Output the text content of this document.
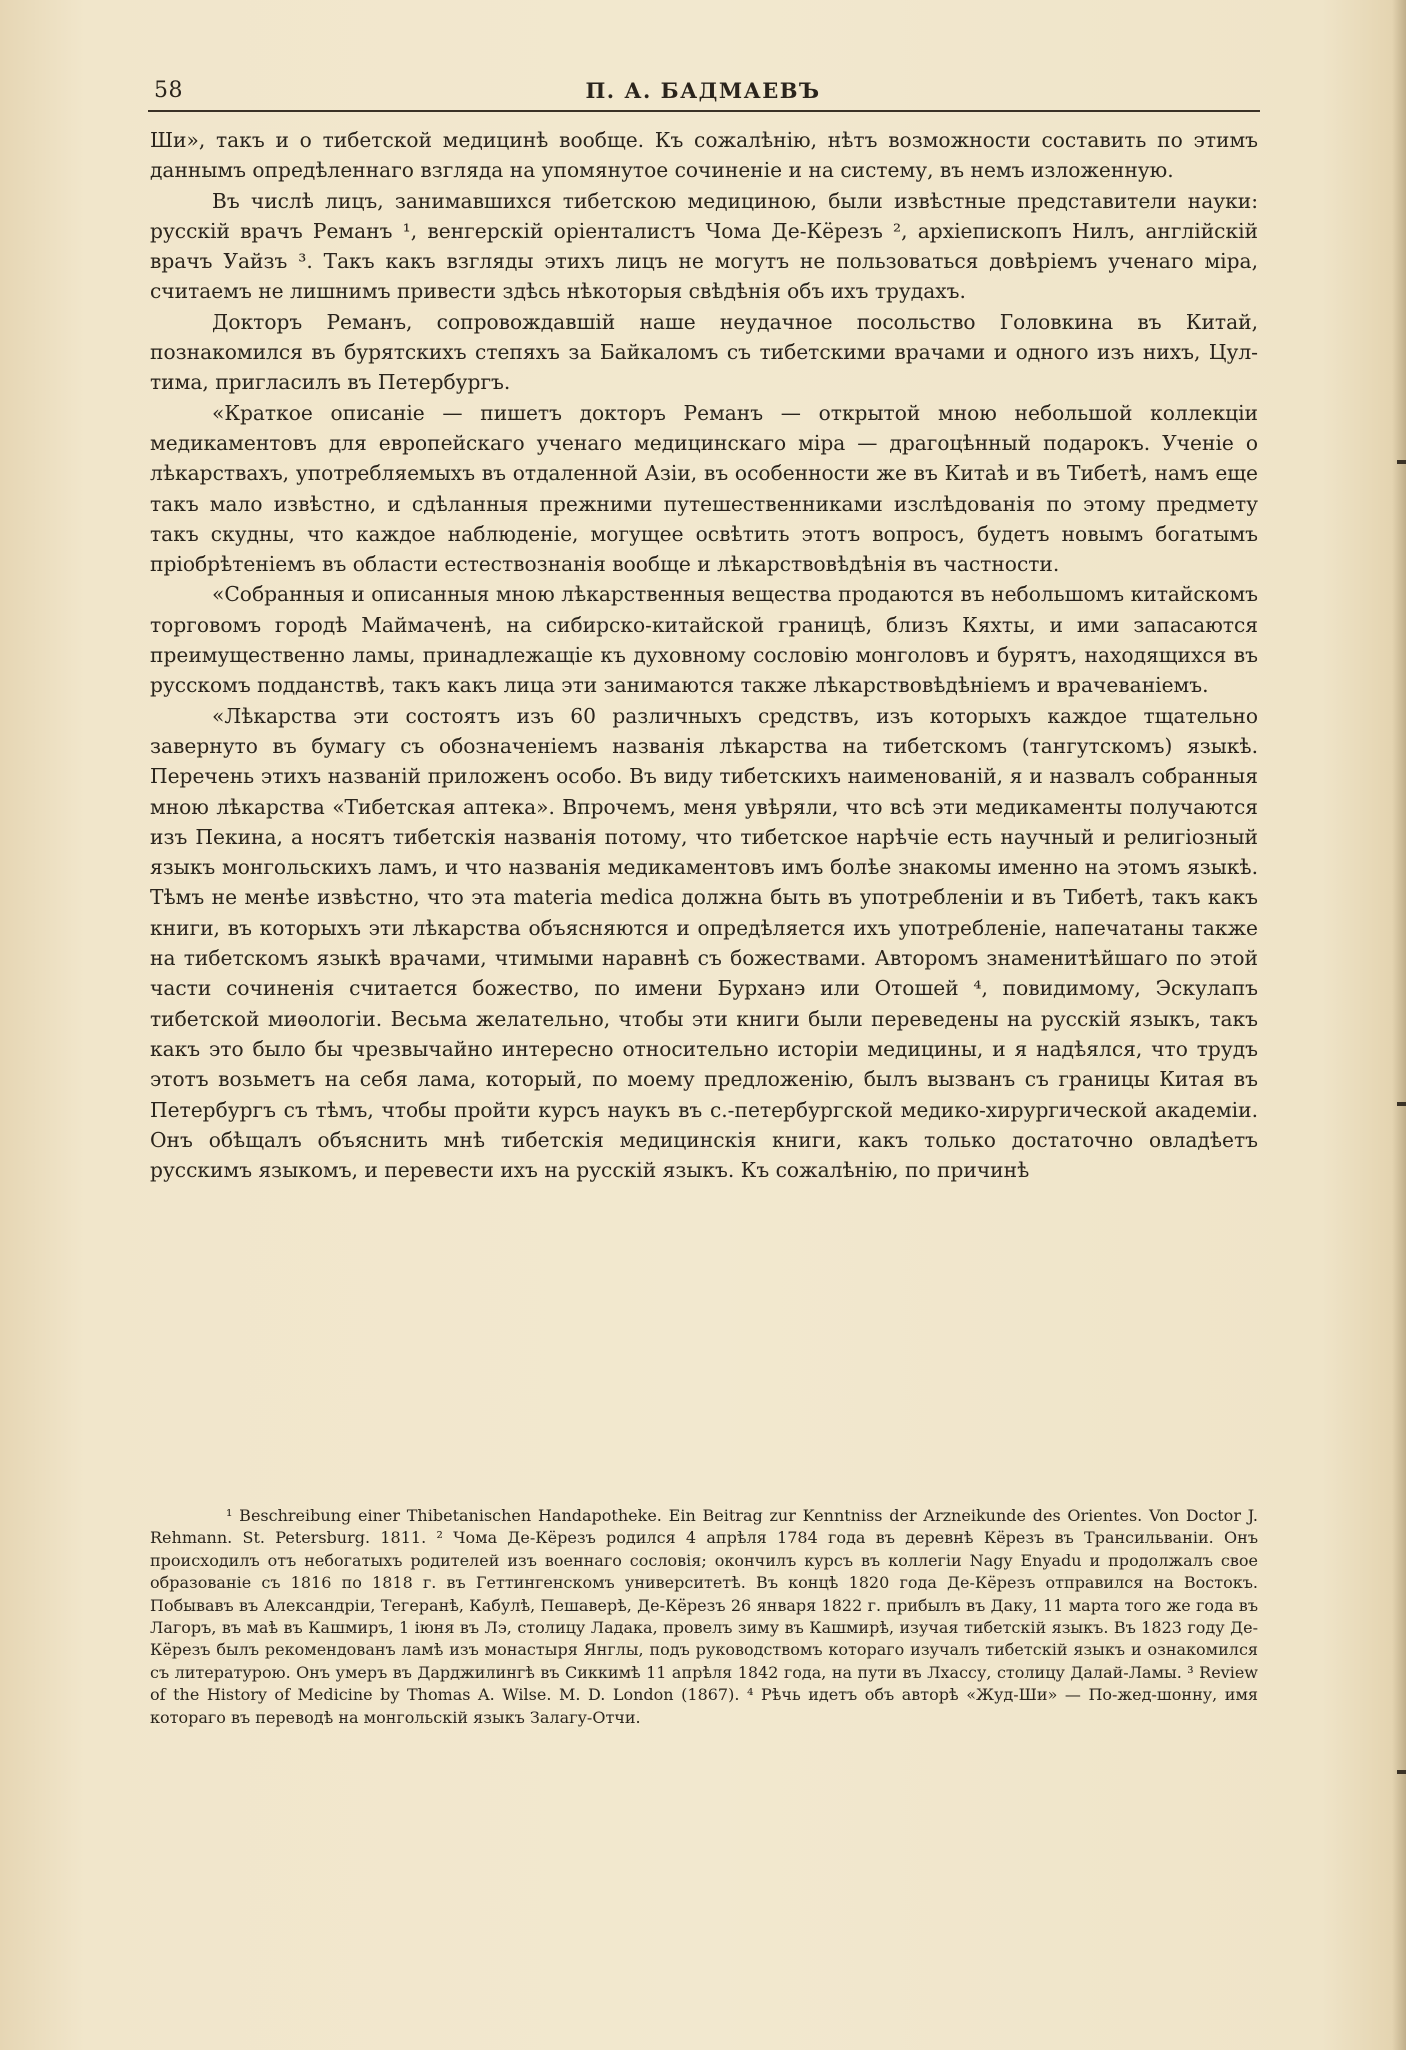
58	П. А. БАДМАЕВЪ

Ши», такъ и о тибетской медицинѣ вообще. Къ сожалѣнію, нѣтъ возможности составить по этимъ даннымъ опредѣленнаго взгляда на упомянутое сочиненіе и на систему, въ немъ изложенную.

Въ числѣ лицъ, занимавшихся тибетскою медициною, были извѣстные представители науки: русскій врачъ Реманъ ¹, венгерскій оріенталистъ Чома Де-Кёрезъ ², архіепископъ Нилъ, англійскій врачъ Уайзъ ³. Такъ какъ взгляды этихъ лицъ не могутъ не пользоваться довѣріемъ ученаго міра, считаемъ не лишнимъ привести здѣсь нѣкоторыя свѣдѣнія объ ихъ трудахъ.

Докторъ Реманъ, сопровождавшій наше неудачное посольство Головкина въ Китай, познакомился въ бурятскихъ степяхъ за Байкаломъ съ тибетскими врачами и одного изъ нихъ, Цул-тима, пригласилъ въ Петербургъ.

«Краткое описаніе — пишетъ докторъ Реманъ — открытой мною небольшой коллекціи медикаментовъ для европейскаго ученаго медицинскаго міра — драгоцѣнный подарокъ. Ученіе о лѣкарствахъ, употребляемыхъ въ отдаленной Азіи, въ особенности же въ Китаѣ и въ Тибетѣ, намъ еще такъ мало извѣстно, и сдѣланныя прежними путешественниками изслѣдованія по этому предмету такъ скудны, что каждое наблюденіе, могущее освѣтить этотъ вопросъ, будетъ новымъ богатымъ пріобрѣтеніемъ въ области естествознанія вообще и лѣкарствовѣдѣнія въ частности.

«Собранныя и описанныя мною лѣкарственныя вещества продаются въ небольшомъ китайскомъ торговомъ городѣ Маймаченѣ, на сибирско-китайской границѣ, близъ Кяхты, и ими запасаются преимущественно ламы, принадлежащіе къ духовному сословію монголовъ и бурятъ, находящихся въ русскомъ подданствѣ, такъ какъ лица эти занимаются также лѣкарствовѣдѣніемъ и врачеваніемъ.

«Лѣкарства эти состоятъ изъ 60 различныхъ средствъ, изъ которыхъ каждое тщательно завернуто въ бумагу съ обозначеніемъ названія лѣкарства на тибетскомъ (тангутскомъ) языкѣ. Перечень этихъ названій приложенъ особо. Въ виду тибетскихъ наименованій, я и назвалъ собранныя мною лѣкарства «Тибетская аптека». Впрочемъ, меня увѣряли, что всѣ эти медикаменты получаются изъ Пекина, а носятъ тибетскія названія потому, что тибетское нарѣчіе есть научный и религіозный языкъ монгольскихъ ламъ, и что названія медикаментовъ имъ болѣе знакомы именно на этомъ языкѣ. Тѣмъ не менѣе извѣстно, что эта materia medica должна быть въ употребленіи и въ Тибетѣ, такъ какъ книги, въ которыхъ эти лѣкарства объясняются и опредѣляется ихъ употребленіе, напечатаны также на тибетскомъ языкѣ врачами, чтимыми наравнѣ съ божествами. Авторомъ знаменитѣйшаго по этой части сочиненія считается божество, по имени Бурханэ или Отошей ⁴, повидимому, Эскулапъ тибетской миѳологіи. Весьма желательно, чтобы эти книги были переведены на русскій языкъ, такъ какъ это было бы чрезвычайно интересно относительно исторіи медицины, и я надѣялся, что трудъ этотъ возьметъ на себя лама, который, по моему предложенію, былъ вызванъ съ границы Китая въ Петербургъ съ тѣмъ, чтобы пройти курсъ наукъ въ с.-петербургской медико-хирургической академіи. Онъ обѣщалъ объяснить мнѣ тибетскія медицинскія книги, какъ только достаточно овладѣетъ русскимъ языкомъ, и перевести ихъ на русскій языкъ. Къ сожалѣнію, по причинѣ

¹ Beschreibung einer Thibetanischen Handapotheke. Ein Beitrag zur Kenntniss der Arzneikunde des Orientes. Von Doctor J. Rehmann. St. Petersburg. 1811. ² Чома Де-Кёрезъ родился 4 апрѣля 1784 года въ деревнѣ Кёрезъ въ Трансильваніи. Онъ происходилъ отъ небогатыхъ родителей изъ военнаго сословія; окончилъ курсъ въ коллегіи Nagy Enyadu и продолжалъ свое образованіе съ 1816 по 1818 г. въ Геттингенскомъ университетѣ. Въ концѣ 1820 года Де-Кёрезъ отправился на Востокъ. Побывавъ въ Александріи, Тегеранѣ, Кабулѣ, Пешаверѣ, Де-Кёрезъ 26 января 1822 г. прибылъ въ Даку, 11 марта того же года въ Лагоръ, въ маѣ въ Кашмиръ, 1 іюня въ Лэ, столицу Ладака, провелъ зиму въ Кашмирѣ, изучая тибетскій языкъ. Въ 1823 году Де-Кёрезъ былъ рекомендованъ ламѣ изъ монастыря Янглы, подъ руководствомъ котораго изучалъ тибетскій языкъ и ознакомился съ литературою. Онъ умеръ въ Дарджилингѣ въ Сиккимѣ 11 апрѣля 1842 года, на пути въ Лхассу, столицу Далай-Ламы. ³ Review of the History of Medicine by Thomas A. Wilse. M. D. London (1867). ⁴ Рѣчь идетъ объ авторѣ «Жуд-Ши» — По-жед-шонну, имя котораго въ переводѣ на монгольскій языкъ Залагу-Отчи.
